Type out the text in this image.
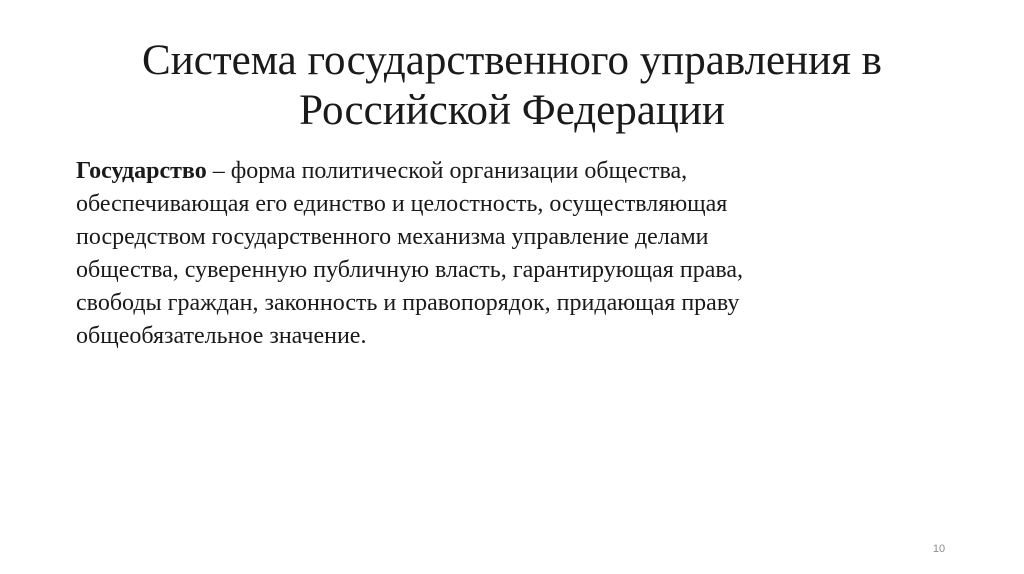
Система государственного управления в
Российской Федерации

Государство – форма политической организации общества,
обеспечивающая его единство и целостность, осуществляющая
посредством государственного механизма управление делами
общества, суверенную публичную власть, гарантирующая права,
свободы граждан, законность и правопорядок, придающая праву
общеобязательное значение.

10
